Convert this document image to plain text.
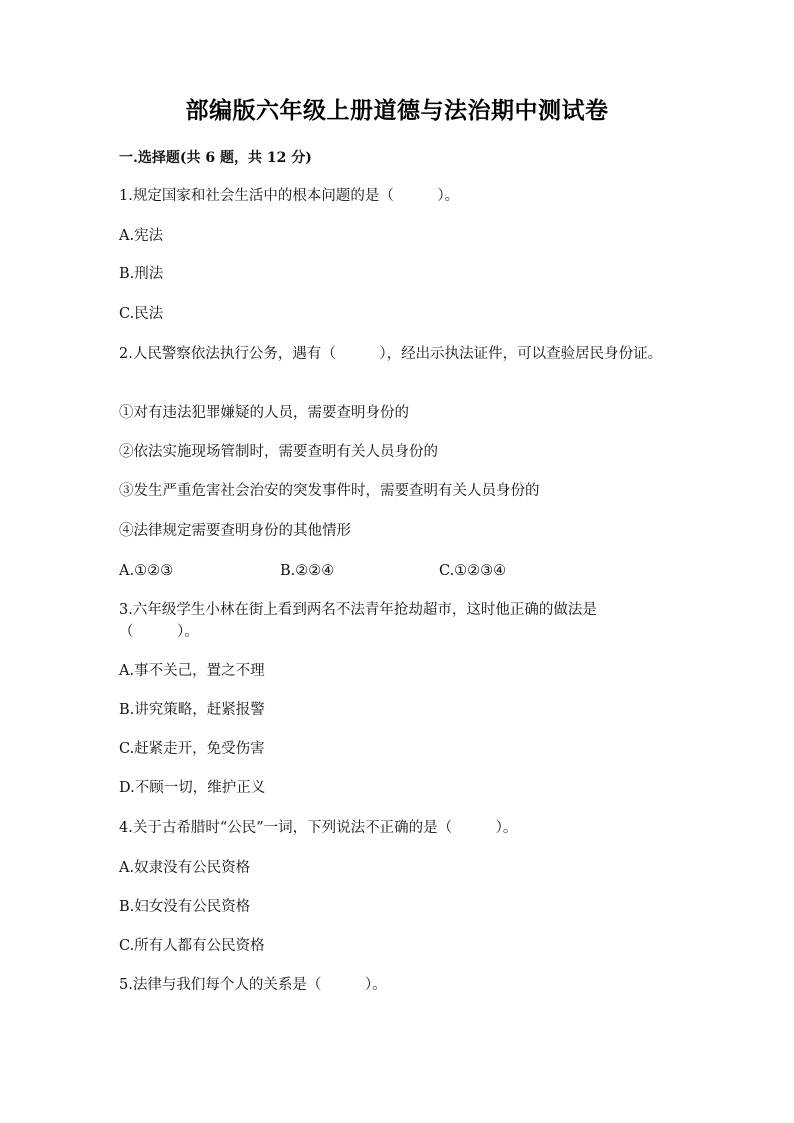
部编版六年级上册道德与法治期中测试卷
一.选择题(共 6 题，共 12 分)
1.规定国家和社会生活中的根本问题的是（　　　）。
A.宪法
B.刑法
C.民法
2.人民警察依法执行公务，遇有（　　　），经出示执法证件，可以查验居民身份证。
①对有违法犯罪嫌疑的人员，需要查明身份的
②依法实施现场管制时，需要查明有关人员身份的
③发生严重危害社会治安的突发事件时，需要查明有关人员身份的
④法律规定需要查明身份的其他情形
A.①②③	B.②②④	C.①②③④
3.六年级学生小林在街上看到两名不法青年抢劫超市，这时他正确的做法是（　　　）。
A.事不关己，置之不理
B.讲究策略，赶紧报警
C.赶紧走开，免受伤害
D.不顾一切，维护正义
4.关于古希腊时“公民”一词，下列说法不正确的是（　　　）。
A.奴隶没有公民资格
B.妇女没有公民资格
C.所有人都有公民资格
5.法律与我们每个人的关系是（　　　）。
